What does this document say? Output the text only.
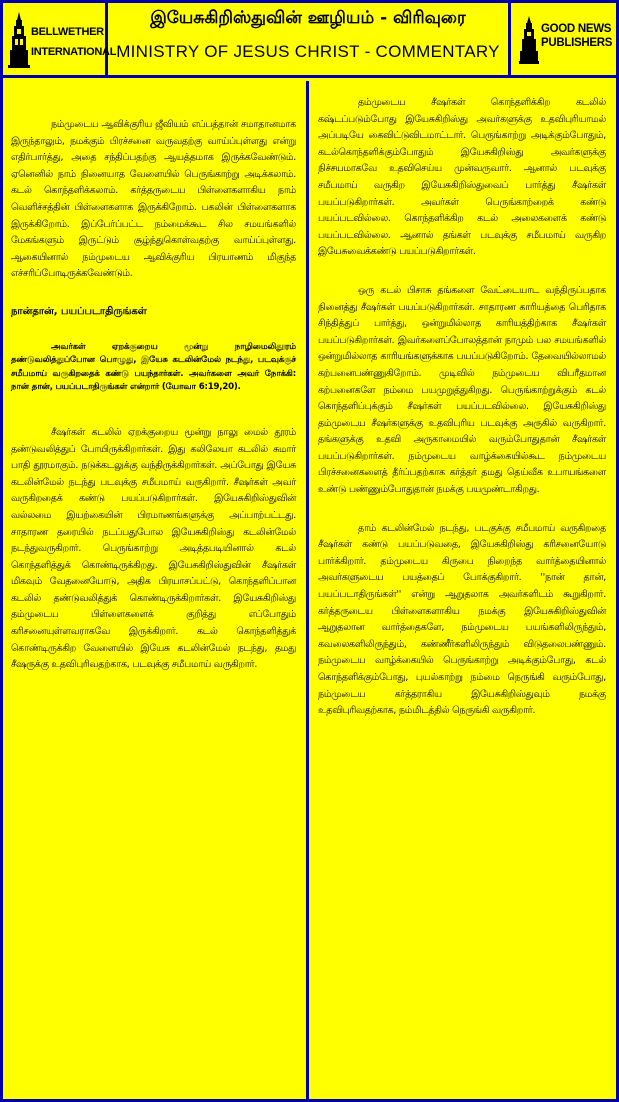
BELLWETHER
INTERNATIONAL
இயேசுகிறிஸ்துவின் ஊழியம் - விரிவுரை
MINISTRY OF JESUS CHRIST - COMMENTARY
GOOD NEWS
PUBLISHERS

நம்முடைய ஆவிக்குரிய ஜீவியம் எப்பத்தான் சமாதானமாக இருந்தாலும், நமக்கும் பிரச்சனை வருவதற்கு வாய்ப்புள்ளது என்று எதிர்பார்த்து, அதை சந்திப்பதற்கு ஆயத்தமாக இருக்கவேண்டும். ஏனெனில் நாம் நினையாத வேளையில் பெருங்காற்று அடிக்கலாம். கடல் கொந்தளிக்கலாம். கர்த்தருடைய பிள்ளைகளாகிய நாம் வெளிச்சத்தின் பிள்ளைகளாக இருக்கிறோம். பகலின் பிள்ளைகளாக இருக்கிறோம். இப்பேர்ப்பட்ட நம்மைக்கூட சில சமயங்களில் மேகங்களும் இருட்டும் சூழ்ந்துகொள்வதற்கு வாய்ப்புள்ளது. ஆகையினால் நம்முடைய ஆவிக்குரிய பிரயாணம் மிகுந்த எச்சரிப்போடிருக்கவேண்டும்.

நான்தான், பயப்படாதிருங்கள்

அவர்கள் ஏறக்குறைய மூன்று நாழிமைலிதூரம் தண்டுவலித்துப்போன பொழுது, இயேசு கடலின்மேல் நடந்து, படவுக்குச் சமீபமாய் வருகிறதைக் கண்டு பயந்தார்கள். அவர்களை அவர் நோக்கி: நான் தான், பயப்படாதிருங்கள் என்றார் (யோவா 6:19,20).

சீஷர்கள் கடலில் ஏறக்குறைய மூன்று நாலு மைல் தூரம் தண்டுவலித்துப் போயிருக்கிறார்கள். இது கலிலேயா கடலில் சுமார் பாதி தூரமாகும். நடுக்கடலுக்கு வந்திருக்கிறார்கள். அப்போது இயேசு கடலின்மேல் நடந்து படவுக்கு சமீபமாய் வருகிறார். சீஷர்கள் அவர் வருகிறதைக் கண்டு பயப்படுகிறார்கள். இயேசுகிறிஸ்துவின் வல்லமை இயற்கையின் பிரமாணங்களுக்கு அப்பாற்பட்டது. சாதாரண தரையில் நடப்பதுபோல இயேசுகிறிஸ்து கடலின்மேல் நடந்துவருகிறார். பெருங்காற்று அடித்தபடியினால் கடல் கொந்தளித்துக் கொண்டிருக்கிறது. இயேசுகிறிஸ்துவின் சீஷர்கள் மிகவும் வேதனையோடு, அதிக பிரயாசப்பட்டு, கொந்தளிப்பான கடலில் தண்டுவலித்துக் கொண்டிருக்கிறார்கள். இயேசுகிறிஸ்து தம்முடைய பிள்ளைகளைக் குறித்து எப்போதும் கரிசனையுள்ளவராகவே இருக்கிறார். கடல் கொந்தளித்துக் கொண்டிருக்கிற வேளையில் இயேசு கடலின்மேல் நடந்து, தமது சீஷருக்கு உதவிபுரிவதற்காக, படவுக்கு சமீபமாய் வருகிறார்.

தம்முடைய சீஷர்கள் கொந்தளிக்கிற கடலில் கஷ்டப்படும்போது இயேசுகிறிஸ்து அவர்களுக்கு உதவிபுரியாமல் அப்படியே கைவிட்டுவிடமாட்டார். பெருங்காற்று அடிக்கும்போதும், கடல்கொந்தளிக்கும்போதும் இயேசுகிறிஸ்து அவர்களுக்கு நிச்சயமாகவே உதவிசெய்ய முன்வருவார். ஆனால் படவுக்கு சமீபமாய் வருகிற இயேசுகிறிஸ்துவைப் பார்த்து சீஷர்கள் பயப்படுகிறார்கள். அவர்கள் பெருங்காற்றைக் கண்டு பயப்படவில்லை. கொந்தளிக்கிற கடல் அலைகளைக் கண்டு பயப்படவில்லை. ஆனால் தங்கள் படவுக்கு சமீபமாய் வருகிற இயேசுவைக்கண்டு பயப்படுகிறார்கள்.

ஒரு கடல் பிசாசு தங்களை வேட்டையாட வந்திருப்பதாக நினைத்து சீஷர்கள் பயப்படுகிறார்கள். சாதாரண காரியத்தை பெரிதாக சிந்தித்துப் பார்த்து, ஒன்றுமில்லாத காரியத்திற்காக சீஷர்கள் பயப்படுகிறார்கள். இவர்களைப்போலத்தான் நாமும் பல சமயங்களில் ஒன்றுமில்லாத காரியங்களுக்காக பயப்படுகிறோம். தேவையில்லாமல் கற்பனைபண்ணுகிறோம். முடிவில் நம்முடைய விபரீதமான கற்பனைகளே நம்மை பயமுறுத்துகிறது. பெருங்காற்றுக்கும் கடல் கொந்தளிப்புக்கும் சீஷர்கள் பயப்படவில்லை. இயேசுகிறிஸ்து தம்முடைய சீஷர்களுக்கு உதவிபுரிய படவுக்கு அருகில் வருகிறார். தங்களுக்கு உதவி அருகாமையில் வரும்போதுதான் சீஷர்கள் பயப்படுகிறார்கள். நம்முடைய வாழ்க்கையில்கூட நம்முடைய பிரச்சனைகளைத் தீர்ப்பதற்காக கர்த்தர் தமது தெய்வீக உபாயங்களை உண்டு பண்ணும்போதுதான் நமக்கு பயமுண்டாகிறது.

தாம் கடலின்மேல் நடந்து, படகுக்கு சமீபமாய் வருகிறதை சீஷர்கள் கண்டு பயப்படுவதை, இயேசுகிறிஸ்து கரிசனையோடு பார்க்கிறார். தம்முடைய கிருபை நிறைந்த வார்த்தையினால் அவர்களுடைய பயத்தைப் போக்குகிறார். ''நான் தான், பயப்படாதிருங்கள்'' என்று ஆறுதலாக அவர்களிடம் கூறுகிறார். கர்த்தருடைய பிள்ளைகளாகிய நமக்கு இயேசுகிறிஸ்துவின் ஆறுதலான வார்த்தைகளே, நம்முடைய பயங்களிலிருந்தும், கவலைகளிலிருந்தும், கண்ணீர்களிலிருந்தும் விடுதலைபண்ணும். நம்முடைய வாழ்க்கையில் பெருங்காற்று அடிக்கும்போது, கடல் கொந்தளிக்கும்போது, புயல்காற்று நம்மை நெருங்கி வரும்போது, நம்முடைய கர்த்தராகிய இயேசுகிறிஸ்துவும் நமக்கு உதவிபுரிவதற்காக, நம்மிடத்தில் நெருங்கி வருகிறார்.
